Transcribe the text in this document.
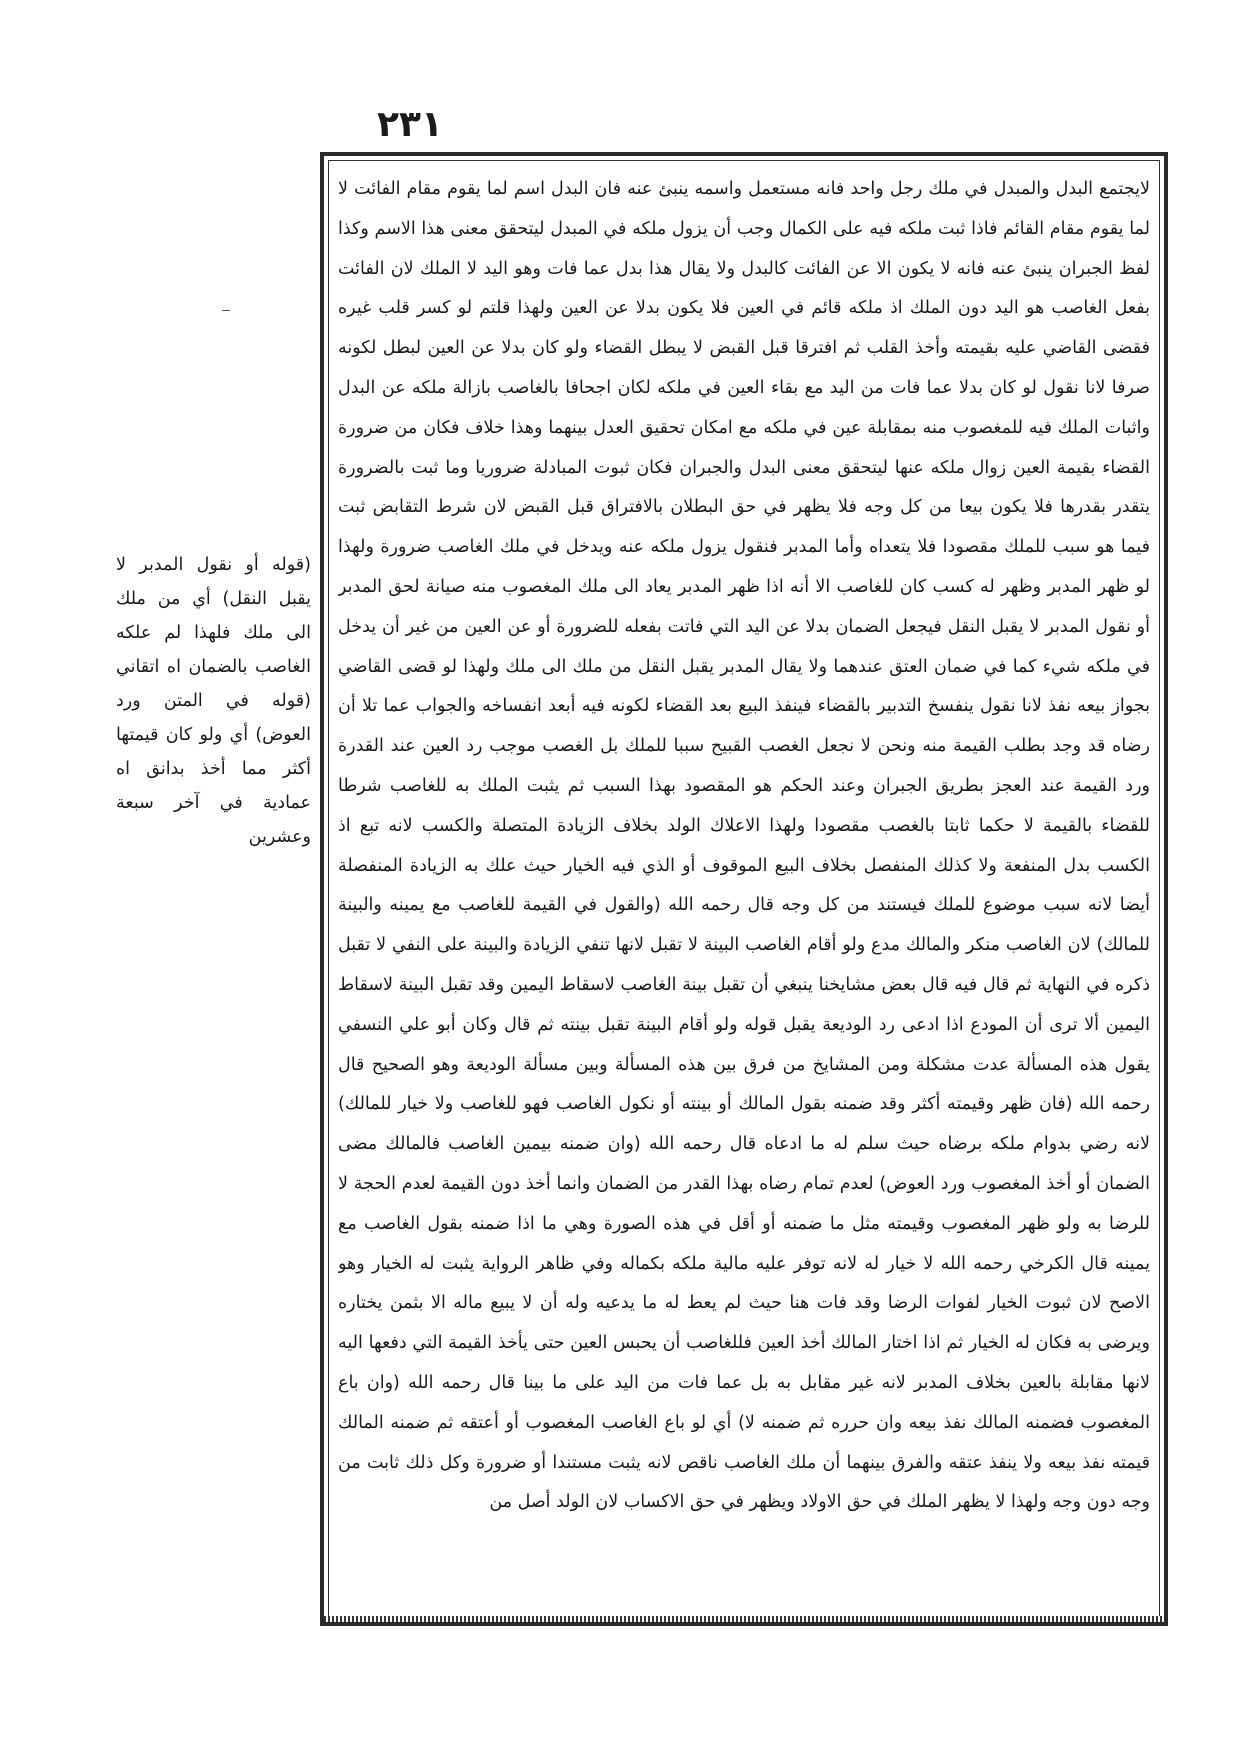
٢٣١

لايجتمع البدل والمبدل في ملك رجل واحد فانه مستعمل واسمه ينبئ عنه فان البدل اسم لما يقوم مقام الفائت لا لما يقوم مقام القائم فاذا ثبت ملكه فيه على الكمال وجب أن يزول ملكه في المبدل ليتحقق معنى هذا الاسم وكذا لفظ الجبران ينبئ عنه فانه لا يكون الا عن الفائت كالبدل ولا يقال هذا بدل عما فات وهو اليد لا الملك لان الفائت بفعل الغاصب هو اليد دون الملك اذ ملكه قائم في العين فلا يكون بدلا عن العين ولهذا قلتم لو كسر قلب غيره فقضى القاضي عليه بقيمته وأخذ القلب ثم افترقا قبل القبض لا يبطل القضاء ولو كان بدلا عن العين لبطل لكونه صرفا لانا نقول لو كان بدلا عما فات من اليد مع بقاء العين في ملكه لكان اجحافا بالغاصب بازالة ملكه عن البدل واثبات الملك فيه للمغصوب منه بمقابلة عين في ملكه مع امكان تحقيق العدل بينهما وهذا خلاف فكان من ضرورة القضاء بقيمة العين زوال ملكه عنها ليتحقق معنى البدل والجبران فكان ثبوت المبادلة ضروريا وما ثبت بالضرورة يتقدر بقدرها فلا يكون بيعا من كل وجه فلا يظهر في حق البطلان بالافتراق قبل القبض لان شرط التقابض ثبت فيما هو سبب للملك مقصودا فلا يتعداه وأما المدبر فنقول يزول ملكه عنه ويدخل في ملك الغاصب ضرورة ولهذا لو ظهر المدبر وظهر له كسب كان للغاصب الا أنه اذا ظهر المدبر يعاد الى ملك المغصوب منه صيانة لحق المدبر أو نقول المدبر لا يقبل النقل فيجعل الضمان بدلا عن اليد التي فاتت بفعله للضرورة أو عن العين من غير أن يدخل في ملكه شيء كما في ضمان العتق عندهما ولا يقال المدبر يقبل النقل من ملك الى ملك ولهذا لو قضى القاضي بجواز بيعه نفذ لانا نقول ينفسخ التدبير بالقضاء فينفذ البيع بعد القضاء لكونه فيه أبعد انفساخه والجواب عما تلا أن رضاه قد وجد بطلب القيمة منه ونحن لا نجعل الغصب القبيح سببا للملك بل الغصب موجب رد العين عند القدرة ورد القيمة عند العجز بطريق الجبران وعند الحكم هو المقصود بهذا السبب ثم يثبت الملك به للغاصب شرطا للقضاء بالقيمة لا حكما ثابتا بالغصب مقصودا ولهذا الاعلاك الولد بخلاف الزيادة المتصلة والكسب لانه تبع اذ الكسب بدل المنفعة ولا كذلك المنفصل بخلاف البيع الموقوف أو الذي فيه الخيار حيث علك به الزيادة المنفصلة أيضا لانه سبب موضوع للملك فيستند من كل وجه قال رحمه الله (والقول في القيمة للغاصب مع يمينه والبينة للمالك) لان الغاصب منكر والمالك مدع ولو أقام الغاصب البينة لا تقبل لانها تنفي الزيادة والبينة على النفي لا تقبل ذكره في النهاية ثم قال فيه قال بعض مشايخنا ينبغي أن تقبل بينة الغاصب لاسقاط اليمين وقد تقبل البينة لاسقاط اليمين ألا ترى أن المودع اذا ادعى رد الوديعة يقبل قوله ولو أقام البينة تقبل بينته ثم قال وكان أبو علي النسفي يقول هذه المسألة عدت مشكلة ومن المشايخ من فرق بين هذه المسألة وبين مسألة الوديعة وهو الصحيح قال رحمه الله (فان ظهر وقيمته أكثر وقد ضمنه بقول المالك أو بينته أو نكول الغاصب فهو للغاصب ولا خيار للمالك) لانه رضي بدوام ملكه برضاه حيث سلم له ما ادعاه قال رحمه الله (وان ضمنه بيمين الغاصب فالمالك مضى الضمان أو أخذ المغصوب ورد العوض) لعدم تمام رضاه بهذا القدر من الضمان وانما أخذ دون القيمة لعدم الحجة لا للرضا به ولو ظهر المغصوب وقيمته مثل ما ضمنه أو أقل في هذه الصورة وهي ما اذا ضمنه بقول الغاصب مع يمينه قال الكرخي رحمه الله لا خيار له لانه توفر عليه مالية ملكه بكماله وفي ظاهر الرواية يثبت له الخيار وهو الاصح لان ثبوت الخيار لفوات الرضا وقد فات هنا حيث لم يعط له ما يدعيه وله أن لا يبيع ماله الا بثمن يختاره ويرضى به فكان له الخيار ثم اذا اختار المالك أخذ العين فللغاصب أن يحبس العين حتى يأخذ القيمة التي دفعها اليه لانها مقابلة بالعين بخلاف المدبر لانه غير مقابل به بل عما فات من اليد على ما بينا قال رحمه الله (وان باع المغصوب فضمنه المالك نفذ بيعه وان حرره ثم ضمنه لا) أي لو باع الغاصب المغصوب أو أعتقه ثم ضمنه المالك قيمته نفذ بيعه ولا ينفذ عتقه والفرق بينهما أن ملك الغاصب ناقص لانه يثبت مستندا أو ضرورة وكل ذلك ثابت من وجه دون وجه ولهذا لا يظهر الملك في حق الاولاد ويظهر في حق الاكساب لان الولد أصل من

(قوله أو نقول المدبر لا يقبل النقل) أي من ملك الى ملك فلهذا لم علكه الغاصب بالضمان اه اتقاني (قوله في المتن ورد العوض) أي ولو كان قيمتها أكثر مما أخذ بدانق اه عمادية في آخر سبعة وعشرين
